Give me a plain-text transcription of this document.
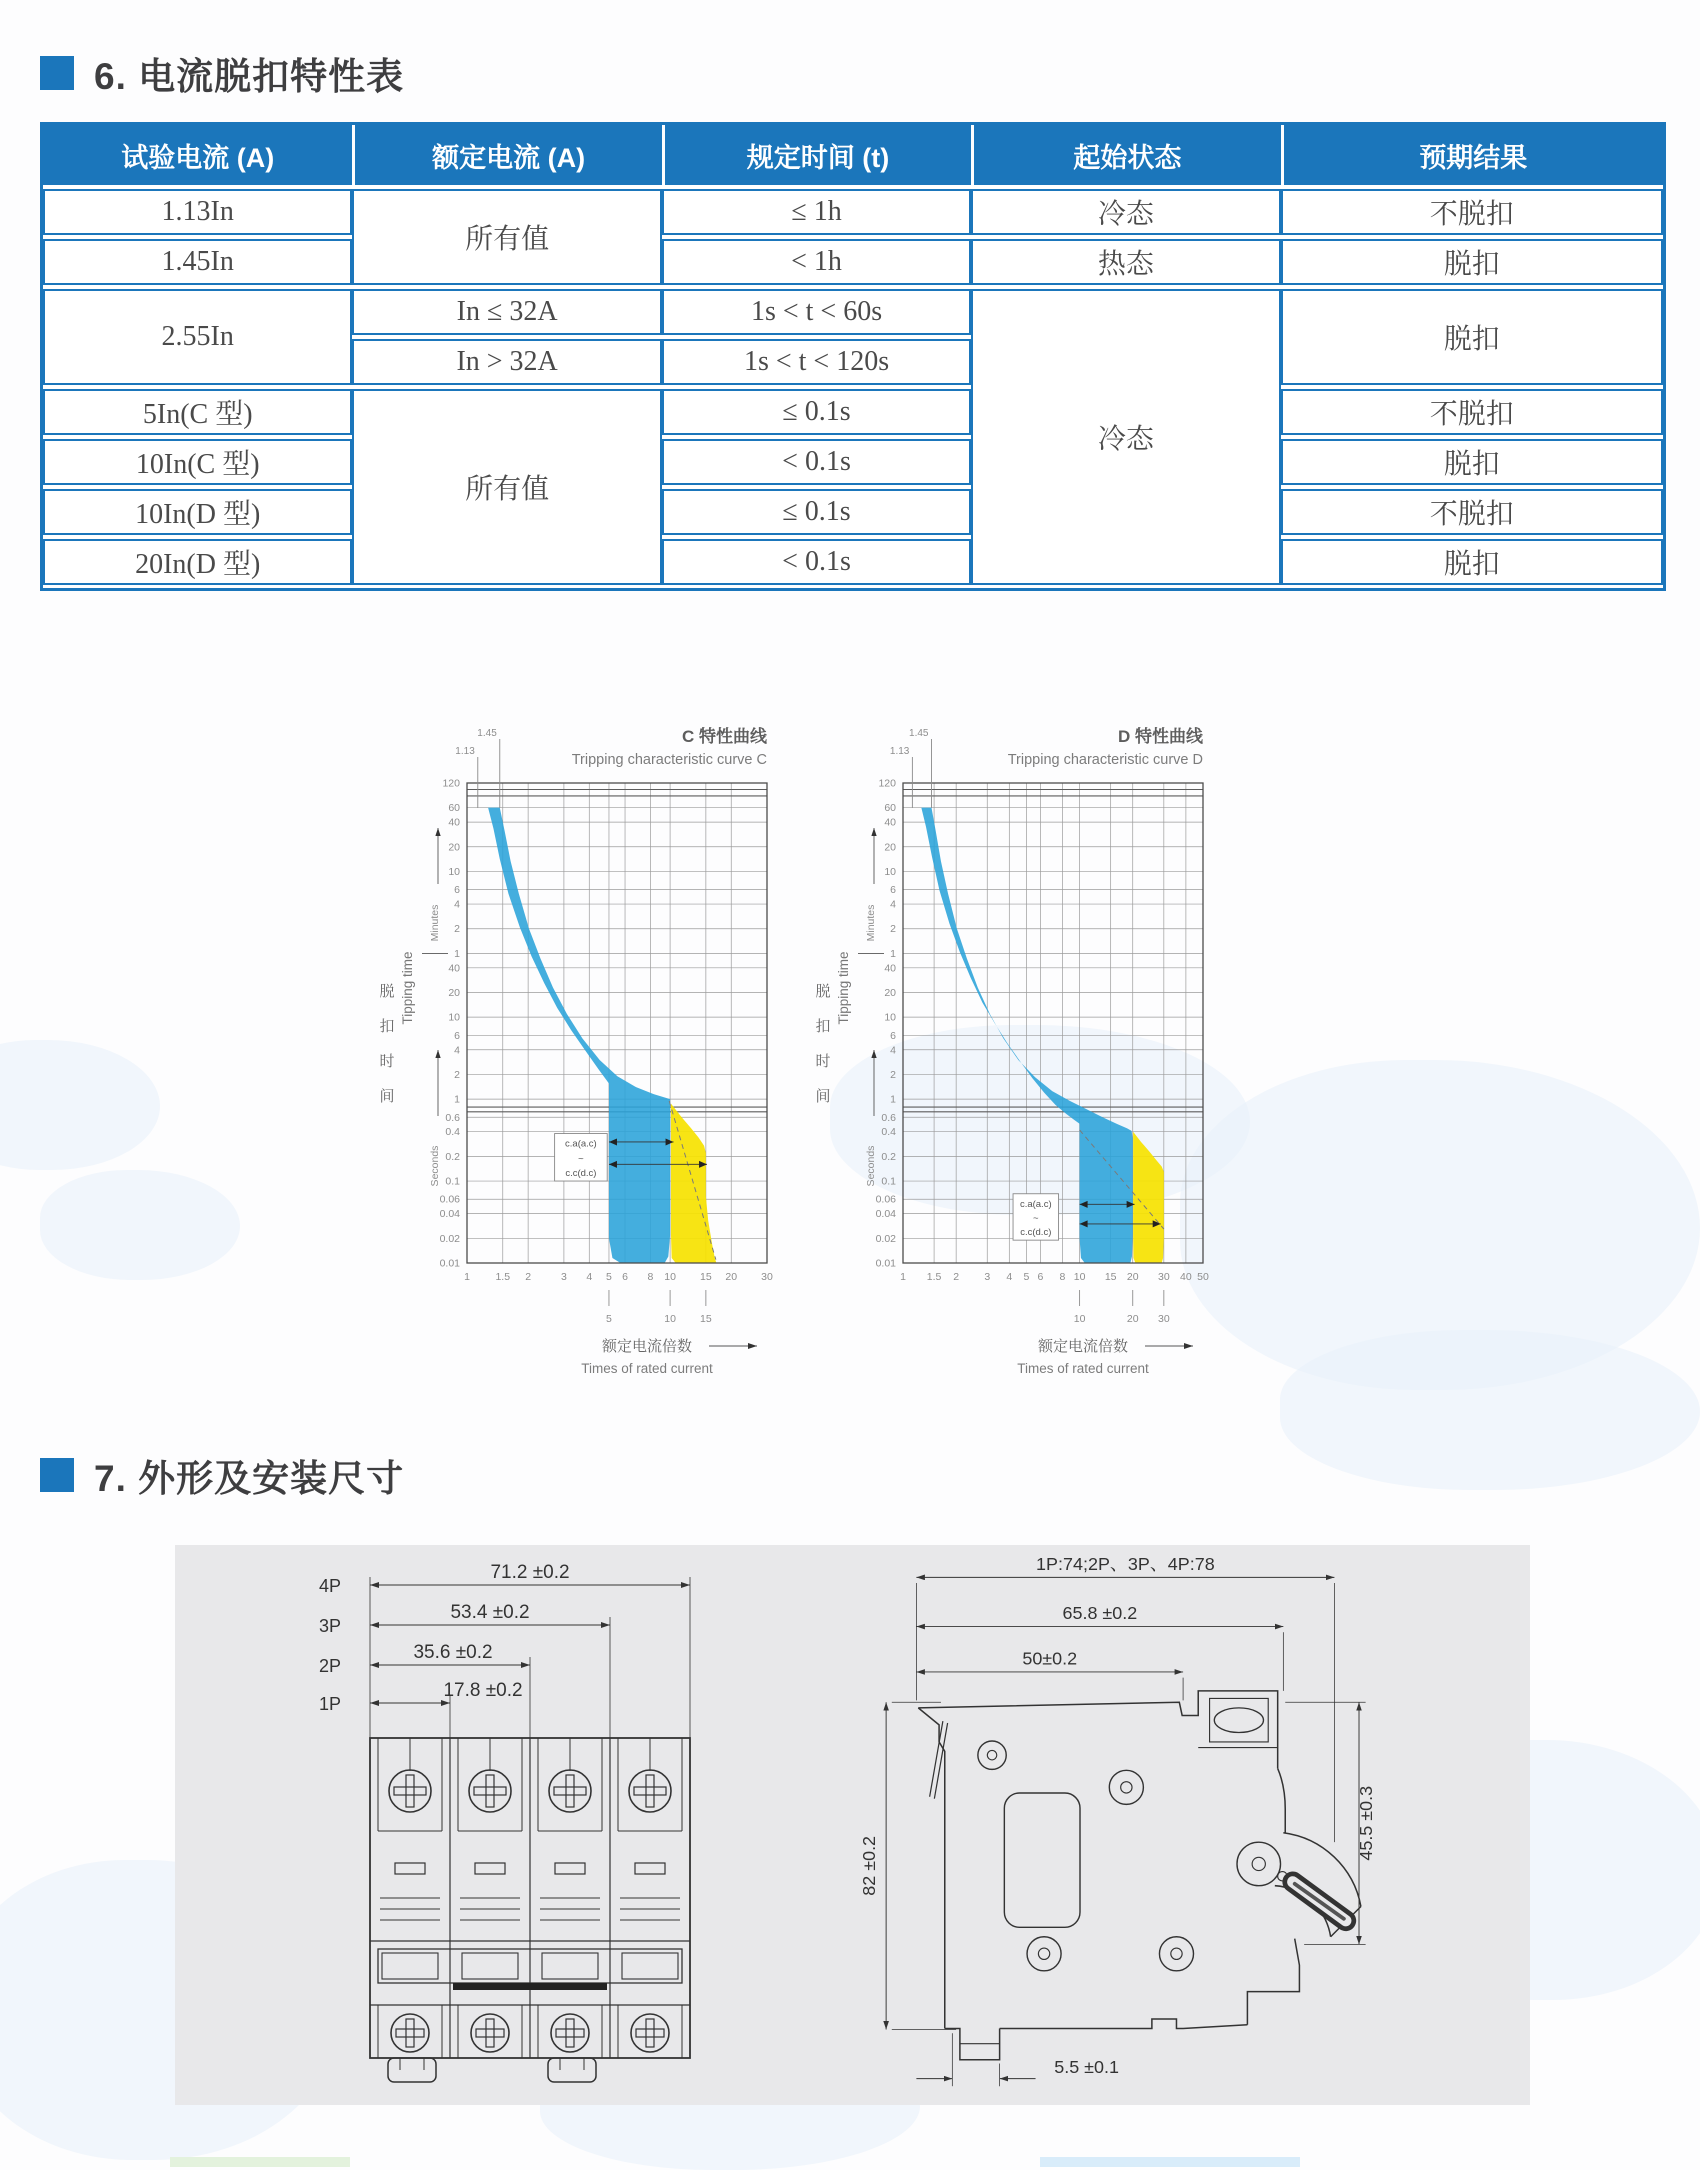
6. 电流脱扣特性表
试验电流 (A)	额定电流 (A)	规定时间 (t)	起始状态	预期结果
1.13In	所有值	≤ 1h	冷态	不脱扣
1.45In		< 1h	热态	脱扣
2.55In	In ≤ 32A	1s < t < 60s	冷态	脱扣
	In > 32A	1s < t < 120s		
5In(C 型)	所有值	≤ 0.1s		不脱扣
10In(C 型)		< 0.1s		脱扣
10In(D 型)		≤ 0.1s		不脱扣
20In(D 型)		< 0.1s		脱扣
1.45
1.13
120
60
40
20
10
6
4
2
1
40
20
10
6
4
2
1
0.6
0.4
0.2
0.1
0.06
0.04
0.02
0.01
1 1.5 2	3 4 5 6 8 10 15 20 30
5	10 15
C 特性曲线
Tripping characteristic curve C
额定电流倍数
Times of rated current
脱
扣
时
间
Tipping time
Minutes
Seconds
c.a(a.c)
~
c.c(d.c)
1.45
1.13
120
60
40
20
10
6
4
2
1
40
20
10
6
4
2
1
0.6
0.4
0.2
0.1
0.06
0.04
0.02
0.01
1 1.5 2 3 4 5 6 8 10 15 20 30 40 50
10	20 30
D 特性曲线
Tripping characteristic curve D
额定电流倍数
Times of rated current
脱
扣
时
间
Tipping time
Minutes
Seconds
c.a(a.c)
~
c.c(d.c)
7. 外形及安装尺寸
4P
3P
2P
1P
71.2 ±0.2
53.4 ±0.2
35.6 ±0.2
17.8 ±0.2
1P:74;2P、3P、4P:78
65.8 ±0.2
50±0.2
82 ±0.2
45.5 ±0.3
5.5 ±0.1
